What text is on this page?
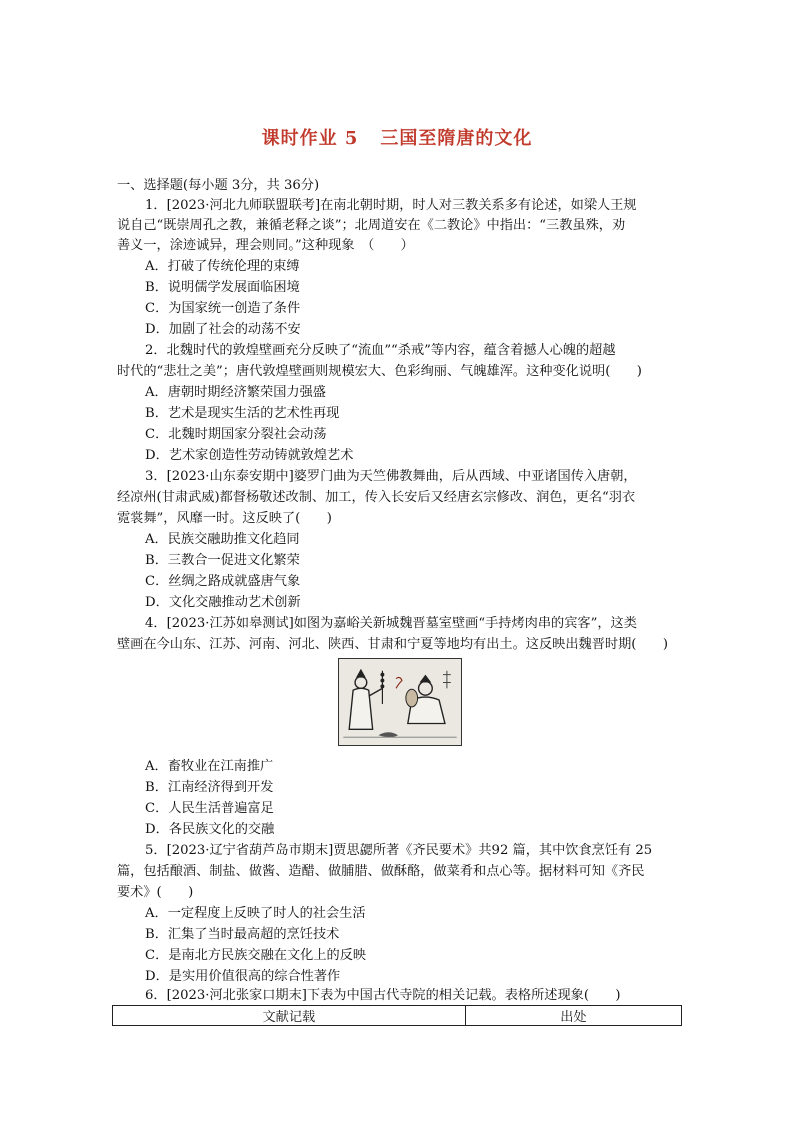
课时作业 5 三国至隋唐的文化
一、选择题(每小题 3分，共 36分)
1．[2023·河北九师联盟联考]在南北朝时期，时人对三教关系多有论述，如梁人王规
说自己“既崇周孔之教，兼循老释之谈”；北周道安在《二教论》中指出：“三教虽殊，劝
善义一，涂迹诚异，理会则同。”这种现象　（　　）
A．打破了传统伦理的束缚
B．说明儒学发展面临困境
C．为国家统一创造了条件
D．加剧了社会的动荡不安
2．北魏时代的敦煌壁画充分反映了“流血”“杀戒”等内容，蕴含着撼人心魄的超越
时代的“悲壮之美”；唐代敦煌壁画则规模宏大、色彩绚丽、气魄雄浑。这种变化说明(　　)
A．唐朝时期经济繁荣国力强盛
B．艺术是现实生活的艺术性再现
C．北魏时期国家分裂社会动荡
D．艺术家创造性劳动铸就敦煌艺术
3．[2023·山东泰安期中]婆罗门曲为天竺佛教舞曲，后从西域、中亚诸国传入唐朝，
经凉州(甘肃武威)都督杨敬述改制、加工，传入长安后又经唐玄宗修改、润色，更名“羽衣
霓裳舞”，风靡一时。这反映了(　　)
A．民族交融助推文化趋同
B．三教合一促进文化繁荣
C．丝绸之路成就盛唐气象
D．文化交融推动艺术创新
4．[2023·江苏如皋测试]如图为嘉峪关新城魏晋墓室壁画“手持烤肉串的宾客”，这类
壁画在今山东、江苏、河南、河北、陕西、甘肃和宁夏等地均有出土。这反映出魏晋时期(　　)
A．畜牧业在江南推广
B．江南经济得到开发
C．人民生活普遍富足
D．各民族文化的交融
5．[2023·辽宁省葫芦岛市期末]贾思勰所著《齐民要术》共92 篇，其中饮食烹饪有 25
篇，包括酿酒、制盐、做酱、造醋、做脯腊、做酥酪，做菜肴和点心等。据材料可知《齐民
要术》(　　)
A．一定程度上反映了时人的社会生活
B．汇集了当时最高超的烹饪技术
C．是南北方民族交融在文化上的反映
D．是实用价值很高的综合性著作
6．[2023·河北张家口期末]下表为中国古代寺院的相关记载。表格所述现象(　　)
文献记载	出处
